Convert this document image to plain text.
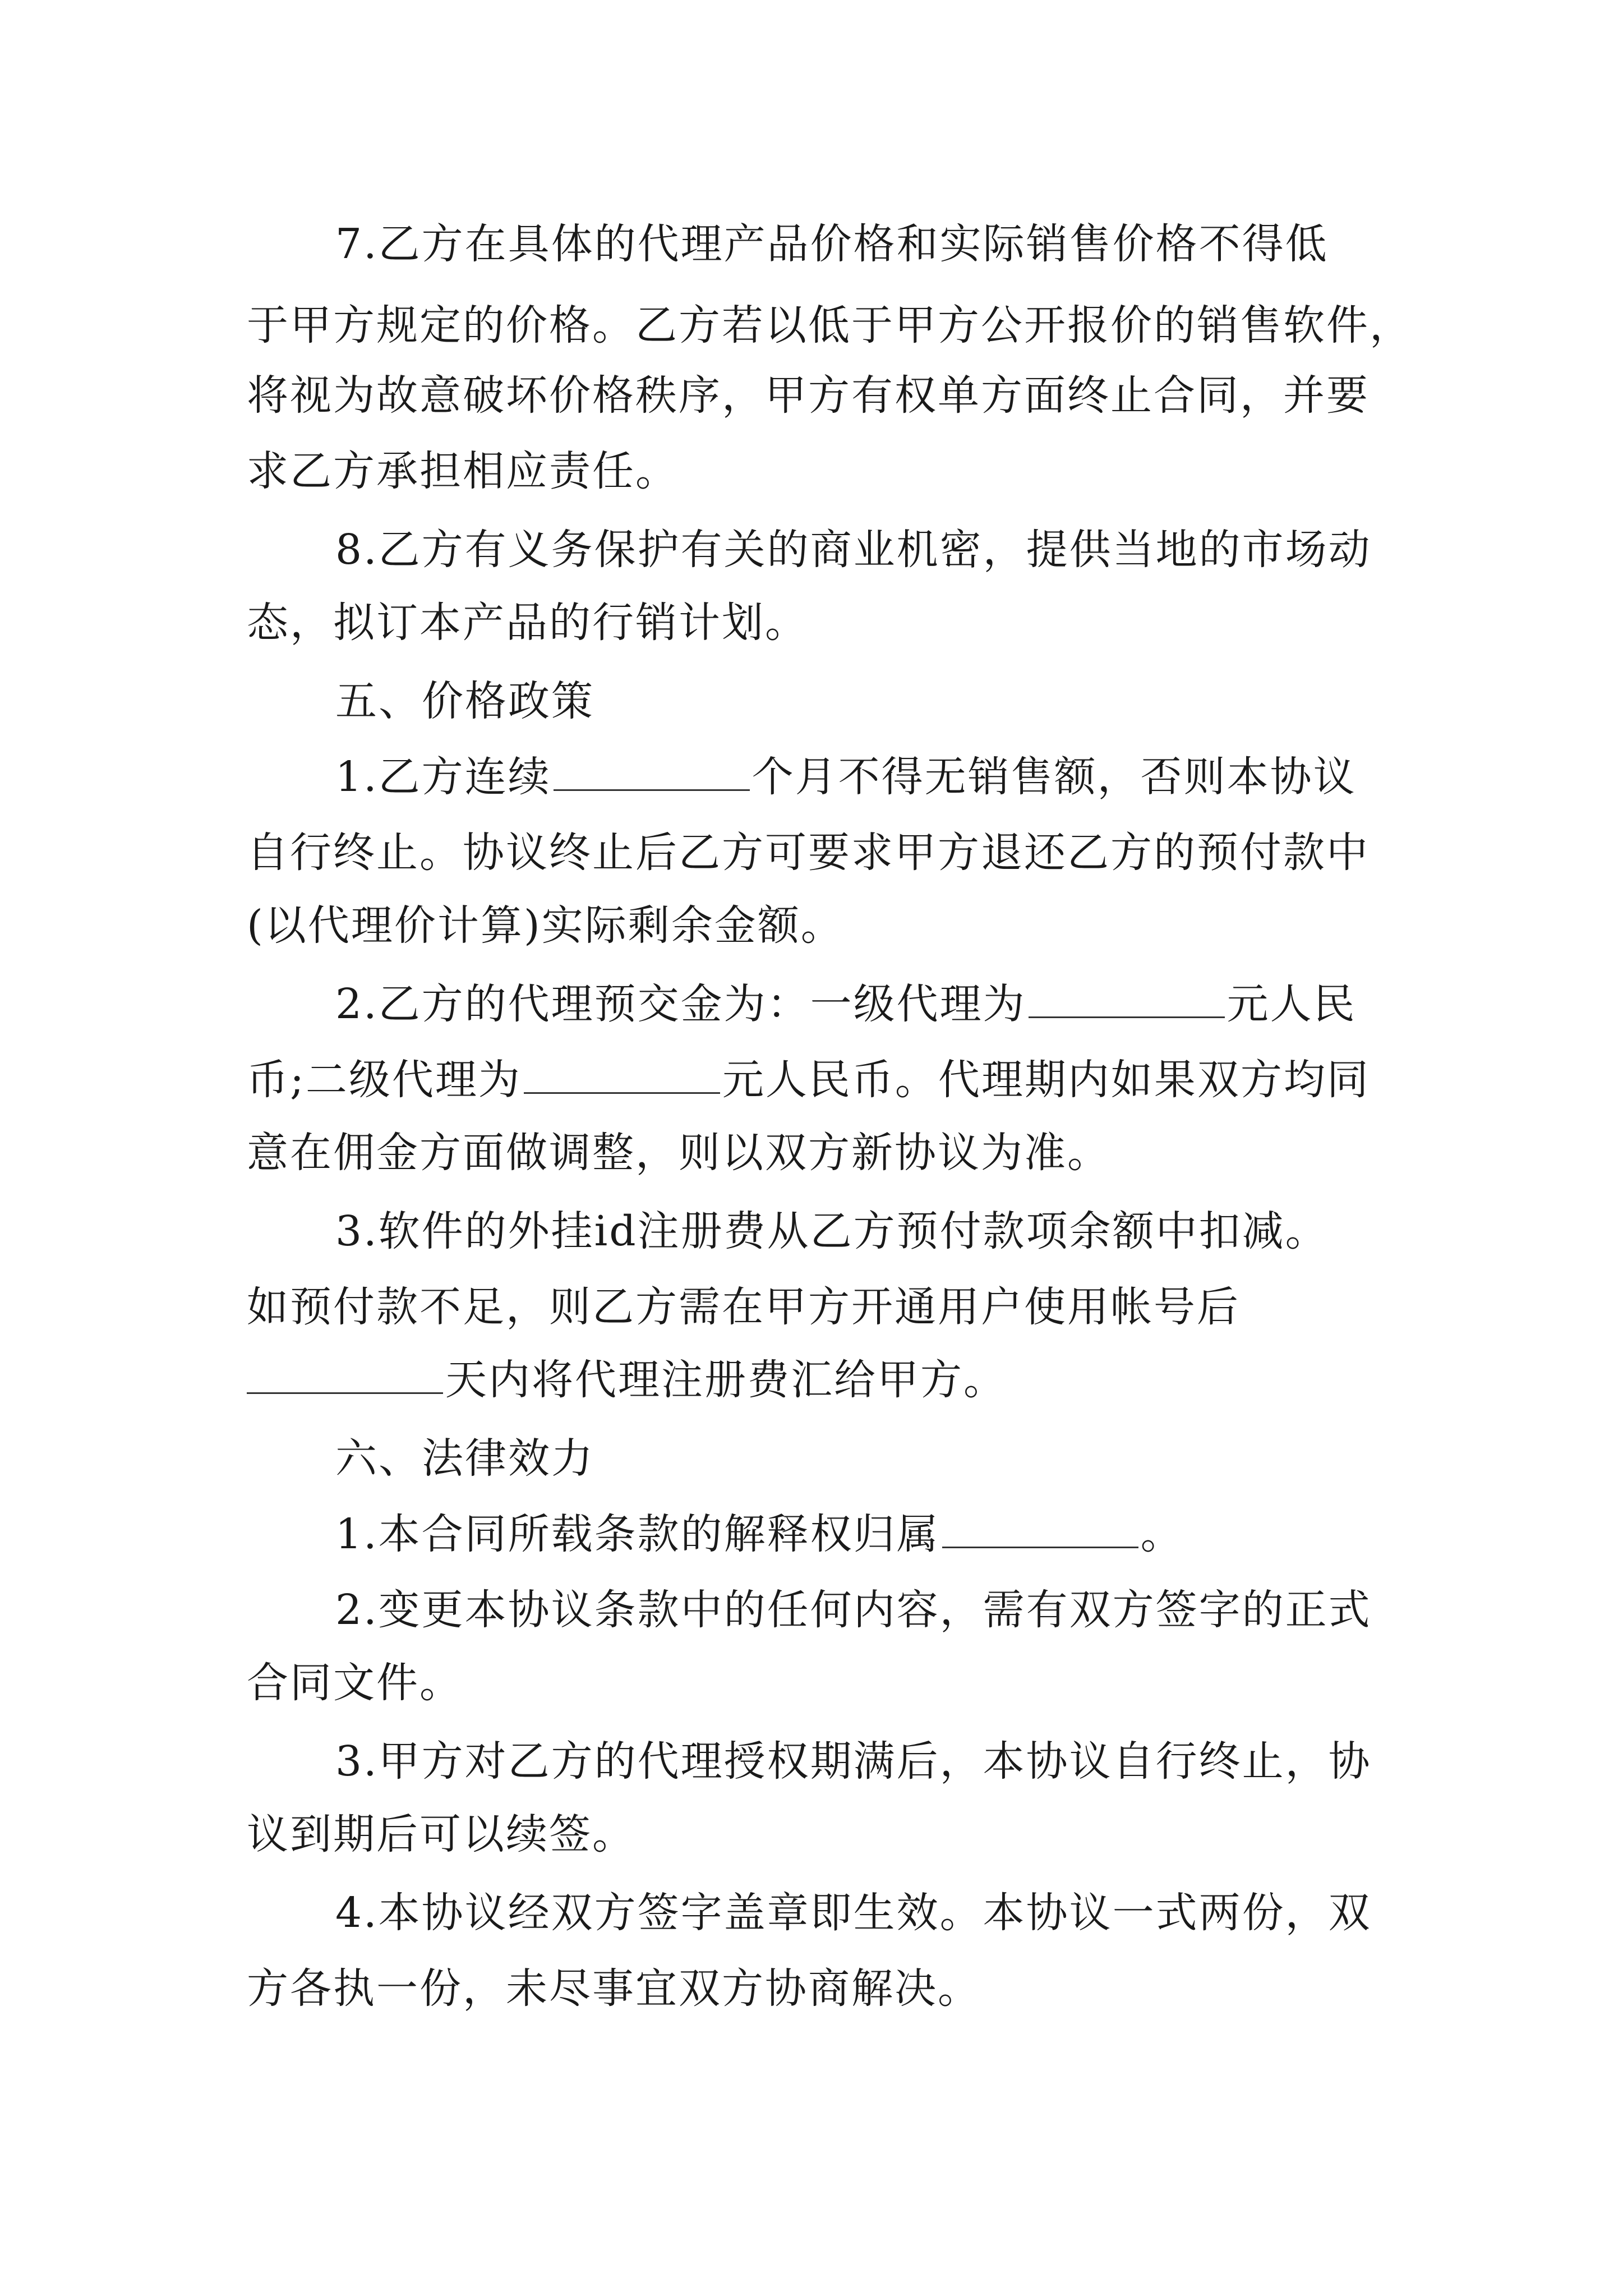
7.乙方在具体的代理产品价格和实际销售价格不得低
于甲方规定的价格。乙方若以低于甲方公开报价的销售软件，
将视为故意破坏价格秩序，甲方有权单方面终止合同，并要
求乙方承担相应责任。
8.乙方有义务保护有关的商业机密，提供当地的市场动
态，拟订本产品的行销计划。
五、价格政策
1.乙方连续	个月不得无销售额，否则本协议
自行终止。协议终止后乙方可要求甲方退还乙方的预付款中
(以代理价计算)实际剩余金额。
2.乙方的代理预交金为：一级代理为	元人民
币;二级代理为	元人民币。代理期内如果双方均同
意在佣金方面做调整，则以双方新协议为准。
3.软件的外挂id注册费从乙方预付款项余额中扣减。
如预付款不足，则乙方需在甲方开通用户使用帐号后
天内将代理注册费汇给甲方。
六、法律效力
1.本合同所载条款的解释权归属	。
2.变更本协议条款中的任何内容，需有双方签字的正式
合同文件。
3.甲方对乙方的代理授权期满后，本协议自行终止，协
议到期后可以续签。
4.本协议经双方签字盖章即生效。本协议一式两份，双
方各执一份，未尽事宜双方协商解决。
